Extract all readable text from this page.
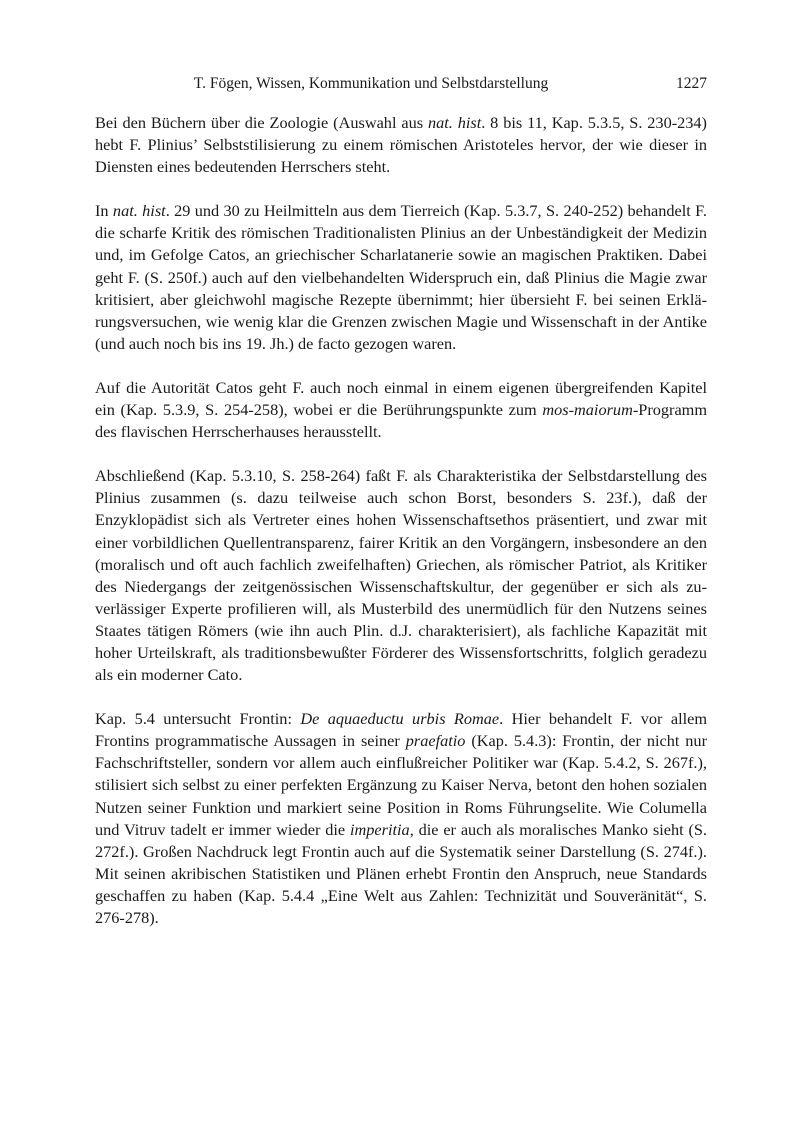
T. Fögen, Wissen, Kommunikation und Selbstdarstellung	1227

Bei den Büchern über die Zoologie (Auswahl aus nat. hist. 8 bis 11, Kap. 5.3.5, S. 230-234) hebt F. Plinius’ Selbststilisierung zu einem römischen Aristoteles hervor, der wie dieser in Diensten eines bedeutenden Herrschers steht.

In nat. hist. 29 und 30 zu Heilmitteln aus dem Tierreich (Kap. 5.3.7, S. 240-252) behandelt F. die scharfe Kritik des römischen Traditionalisten Plinius an der Unbeständigkeit der Medizin und, im Gefolge Catos, an griechischer Scharlatanerie sowie an magischen Praktiken. Dabei geht F. (S. 250f.) auch auf den vielbehandelten Widerspruch ein, daß Plinius die Magie zwar kritisiert, aber gleichwohl magische Rezepte übernimmt; hier übersieht F. bei seinen Erklärungsversuchen, wie wenig klar die Grenzen zwischen Magie und Wissenschaft in der Antike (und auch noch bis ins 19. Jh.) de facto gezogen waren.

Auf die Autorität Catos geht F. auch noch einmal in einem eigenen übergreifenden Kapitel ein (Kap. 5.3.9, S. 254-258), wobei er die Berührungspunkte zum mos-maiorum-Programm des flavischen Herrscherhauses herausstellt.

Abschließend (Kap. 5.3.10, S. 258-264) faßt F. als Charakteristika der Selbstdarstellung des Plinius zusammen (s. dazu teilweise auch schon Borst, besonders S. 23f.), daß der Enzyklopädist sich als Vertreter eines hohen Wissenschaftsethos präsentiert, und zwar mit einer vorbildlichen Quellentransparenz, fairer Kritik an den Vorgängern, insbesondere an den (moralisch und oft auch fachlich zweifelhaften) Griechen, als römischer Patriot, als Kritiker des Niedergangs der zeitgenössischen Wissenschaftskultur, der gegenüber er sich als zuverlässiger Experte profilieren will, als Musterbild des unermüdlich für den Nutzens seines Staates tätigen Römers (wie ihn auch Plin. d.J. charakterisiert), als fachliche Kapazität mit hoher Urteilskraft, als traditionsbewußter Förderer des Wissensfortschritts, folglich geradezu als ein moderner Cato.

Kap. 5.4 untersucht Frontin: De aquaeductu urbis Romae. Hier behandelt F. vor allem Frontins programmatische Aussagen in seiner praefatio (Kap. 5.4.3): Frontin, der nicht nur Fachschriftsteller, sondern vor allem auch einflußreicher Politiker war (Kap. 5.4.2, S. 267f.), stilisiert sich selbst zu einer perfekten Ergänzung zu Kaiser Nerva, betont den hohen sozialen Nutzen seiner Funktion und markiert seine Position in Roms Führungselite. Wie Columella und Vitruv tadelt er immer wieder die imperitia, die er auch als moralisches Manko sieht (S. 272f.). Großen Nachdruck legt Frontin auch auf die Systematik seiner Darstellung (S. 274f.). Mit seinen akribischen Statistiken und Plänen erhebt Frontin den Anspruch, neue Standards geschaffen zu haben (Kap. 5.4.4 „Eine Welt aus Zahlen: Technizität und Souveränität“, S. 276-278).
